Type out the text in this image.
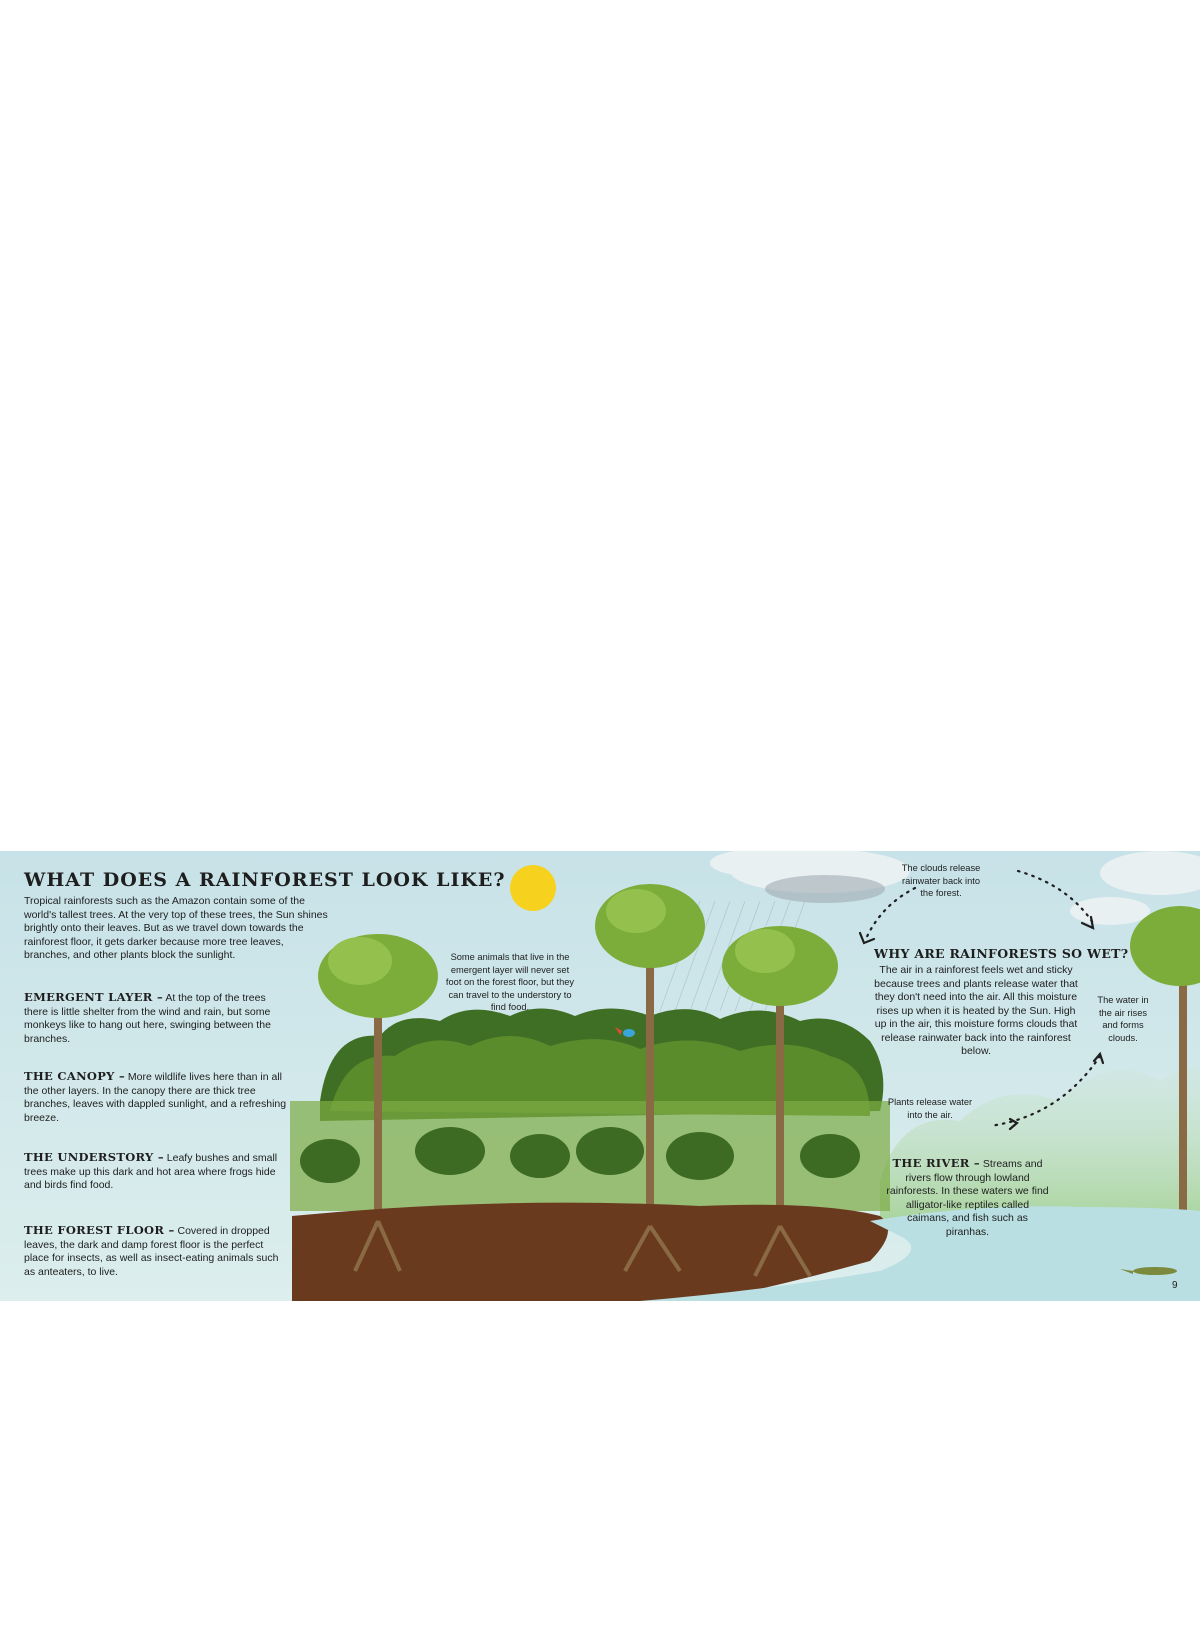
EMERGENT LAYER – At the top of the trees there is little shelter from the wind and rain, but some monkeys like to hang out here, swinging between the branches.

THE CANOPY – More wildlife lives here than in all the other layers. In the canopy there are thick tree branches, leaves with dappled sunlight, and a refreshing breeze.

THE UNDERSTORY – Leafy bushes and small trees make up this dark and hot area where frogs hide and birds find food.

THE FOREST FLOOR – Covered in dropped leaves, the dark and damp forest floor is the perfect place for insects, as well as insect-eating animals such as anteaters, to live.

WHAT DOES A RAINFOREST LOOK LIKE?

Tropical rainforests such as the Amazon contain some of the world's tallest trees. At the very top of these trees, the Sun shines brightly onto their leaves. But as we travel down towards the rainforest floor, it gets darker because more tree leaves, branches, and other plants block the sunlight.	Some animals that live in the emergent layer will never set foot on the forest floor, but they can travel to the understory to find food.

The clouds release rainwater back into the forest.

The water in the air rises and forms clouds.

Plants release water into the air.

WHY ARE RAINFORESTS SO WET?

The air in a rainforest feels wet and sticky because trees and plants release water that they don't need into the air. All this moisture rises up when it is heated by the Sun. High up in the air, this moisture forms clouds that release rainwater back into the rainforest below.

THE RIVER – Streams and rivers flow through lowland rainforests. In these waters we find alligator-like reptiles called caimans, and fish such as piranhas.

9
